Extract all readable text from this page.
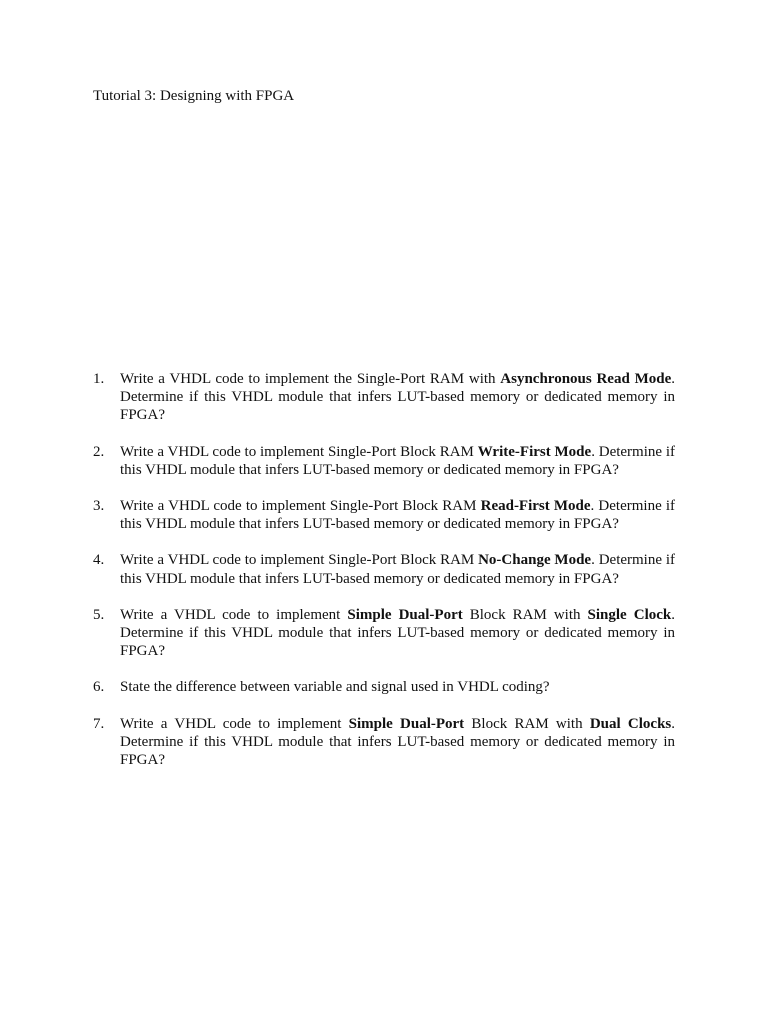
Tutorial 3: Designing with FPGA
1.	Write a VHDL code to implement the Single-Port RAM with Asynchronous Read Mode. Determine if this VHDL module that infers LUT-based memory or dedicated memory in FPGA?
2.	Write a VHDL code to implement Single-Port Block RAM Write-First Mode. Determine if this VHDL module that infers LUT-based memory or dedicated memory in FPGA?
3.	Write a VHDL code to implement Single-Port Block RAM Read-First Mode. Determine if this VHDL module that infers LUT-based memory or dedicated memory in FPGA?
4.	Write a VHDL code to implement Single-Port Block RAM No-Change Mode. Determine if this VHDL module that infers LUT-based memory or dedicated memory in FPGA?
5.	Write a VHDL code to implement Simple Dual-Port Block RAM with Single Clock. Determine if this VHDL module that infers LUT-based memory or dedicated memory in FPGA?
6.	State the difference between variable and signal used in VHDL coding?
7.	Write a VHDL code to implement Simple Dual-Port Block RAM with Dual Clocks. Determine if this VHDL module that infers LUT-based memory or dedicated memory in FPGA?
